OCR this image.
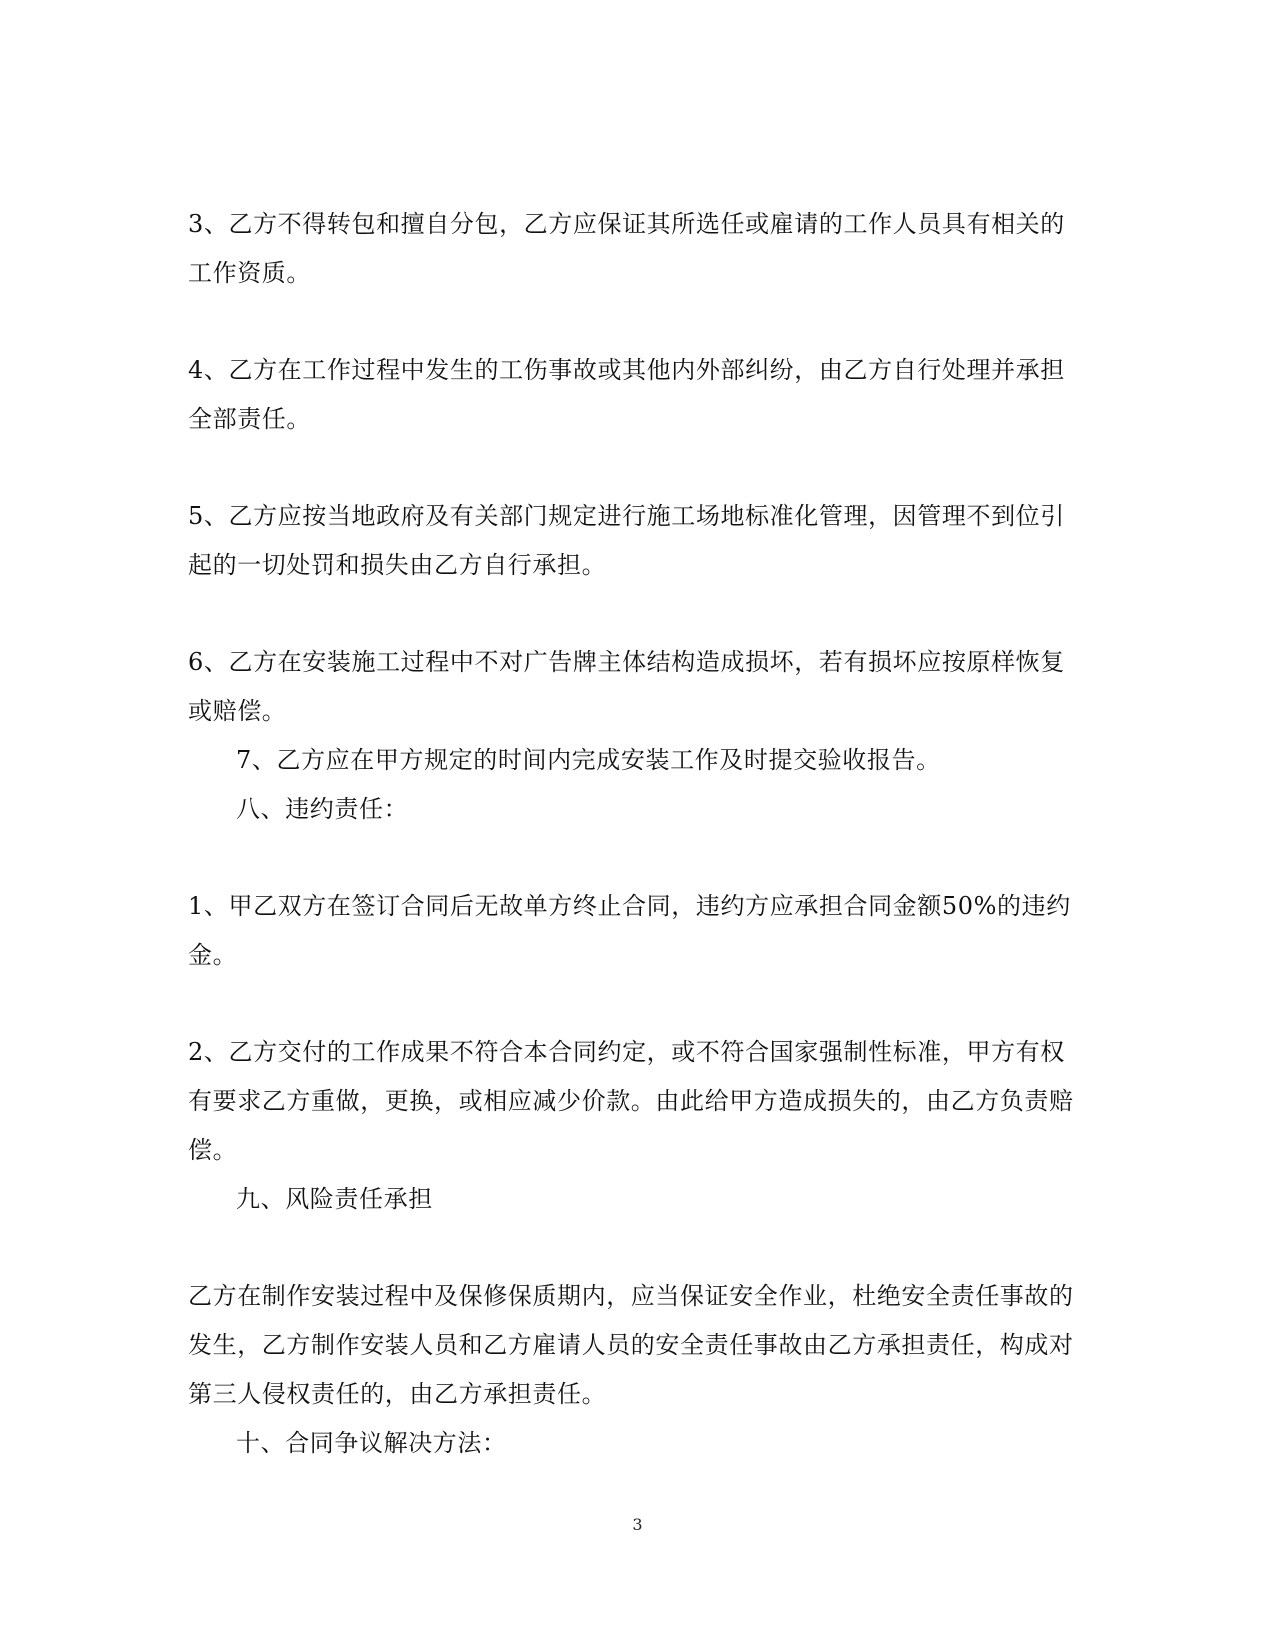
3、乙方不得转包和擅自分包，乙方应保证其所选任或雇请的工作人员具有相关的工作资质。

4、乙方在工作过程中发生的工伤事故或其他内外部纠纷，由乙方自行处理并承担全部责任。

5、乙方应按当地政府及有关部门规定进行施工场地标准化管理，因管理不到位引起的一切处罚和损失由乙方自行承担。

6、乙方在安装施工过程中不对广告牌主体结构造成损坏，若有损坏应按原样恢复或赔偿。

7、乙方应在甲方规定的时间内完成安装工作及时提交验收报告。

八、违约责任：

1、甲乙双方在签订合同后无故单方终止合同，违约方应承担合同金额50%的违约金。

2、乙方交付的工作成果不符合本合同约定，或不符合国家强制性标准，甲方有权有要求乙方重做，更换，或相应减少价款。由此给甲方造成损失的，由乙方负责赔偿。

九、风险责任承担

乙方在制作安装过程中及保修保质期内，应当保证安全作业，杜绝安全责任事故的发生，乙方制作安装人员和乙方雇请人员的安全责任事故由乙方承担责任，构成对第三人侵权责任的，由乙方承担责任。

十、合同争议解决方法：

3
